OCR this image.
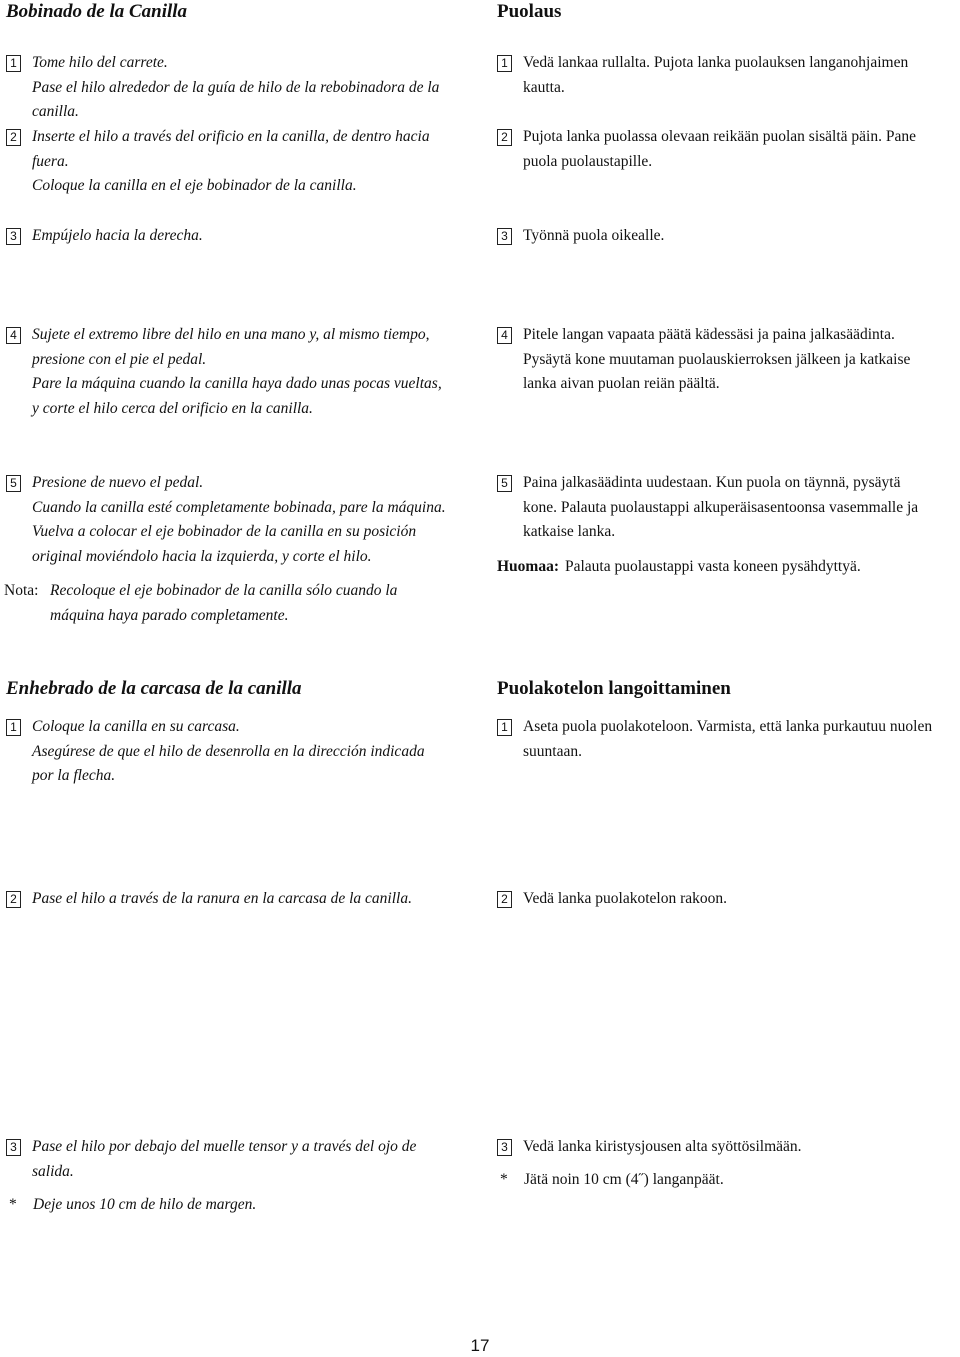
Bobinado de la Canilla
1 Tome hilo del carrete.
Pase el hilo alrededor de la guía de hilo de la rebobinadora de la
canilla.
2 Inserte el hilo a través del orificio en la canilla, de dentro hacia
fuera.
Coloque la canilla en el eje bobinador de la canilla.
3 Empújelo hacia la derecha.
4 Sujete el extremo libre del hilo en una mano y, al mismo tiempo,
presione con el pie el pedal.
Pare la máquina cuando la canilla haya dado unas pocas vueltas,
y corte el hilo cerca del orificio en la canilla.
5 Presione de nuevo el pedal.
Cuando la canilla esté completamente bobinada, pare la máquina.
Vuelva a colocar el eje bobinador de la canilla en su posición
original moviéndolo hacia la izquierda, y corte el hilo.
Nota: Recoloque el eje bobinador de la canilla sólo cuando la
máquina haya parado completamente.
Enhebrado de la carcasa de la canilla
1 Coloque la canilla en su carcasa.
Asegúrese de que el hilo de desenrolla en la dirección indicada
por la flecha.
2 Pase el hilo a través de la ranura en la carcasa de la canilla.
3 Pase el hilo por debajo del muelle tensor y a través del ojo de
salida.
*	Deje unos 10 cm de hilo de margen.
Puolaus
1 Vedä lankaa rullalta. Pujota lanka puolauksen langanohjaimen
kautta.
2 Pujota lanka puolassa olevaan reikään puolan sisältä päin. Pane
puola puolaustapille.
3 Työnnä puola oikealle.
4 Pitele langan vapaata päätä kädessäsi ja paina jalkasäädinta.
Pysäytä kone muutaman puolauskierroksen jälkeen ja katkaise
lanka aivan puolan reiän päältä.
5 Paina jalkasäädinta uudestaan. Kun puola on täynnä, pysäytä
kone. Palauta puolaustappi alkuperäisasentoonsa vasemmalle ja
katkaise lanka.
Huomaa: Palauta puolaustappi vasta koneen pysähdyttyä.
Puolakotelon langoittaminen
1 Aseta puola puolakoteloon. Varmista, että lanka purkautuu nuolen
suuntaan.
2 Vedä lanka puolakotelon rakoon.
3 Vedä lanka kiristysjousen alta syöttösilmään.
*	Jätä noin 10 cm (4˝) langanpäät.
17
